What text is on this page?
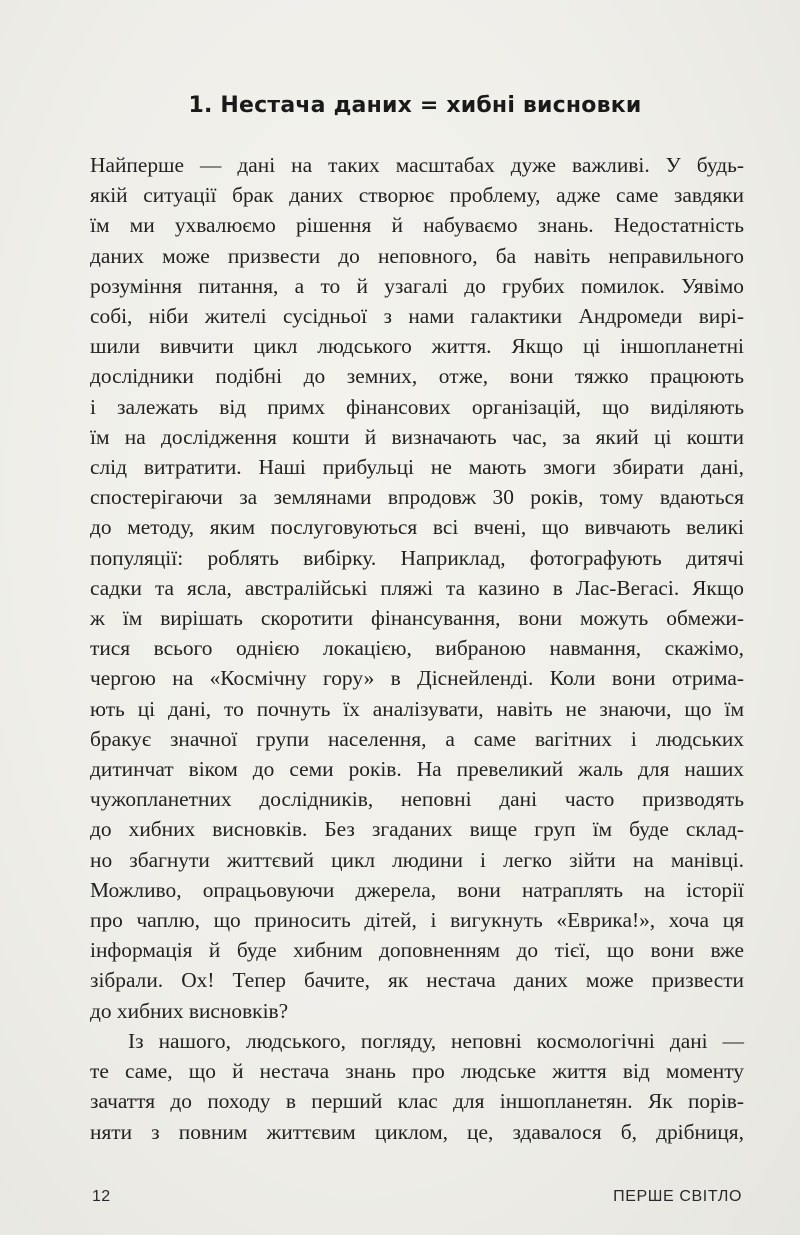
1. Нестача даних = хибні висновки

Найперше — дані на таких масштабах дуже важливі. У будь-
якій ситуації брак даних створює проблему, адже саме завдяки
їм ми ухвалюємо рішення й набуваємо знань. Недостатність
даних може призвести до неповного, ба навіть неправильного
розуміння питання, а то й узагалі до грубих помилок. Уявімо
собі, ніби жителі сусідньої з нами галактики Андромеди вирі-
шили вивчити цикл людського життя. Якщо ці іншопланетні
дослідники подібні до земних, отже, вони тяжко працюють
і залежать від примх фінансових організацій, що виділяють
їм на дослідження кошти й визначають час, за який ці кошти
слід витратити. Наші прибульці не мають змоги збирати дані,
спостерігаючи за землянами впродовж 30 років, тому вдаються
до методу, яким послуговуються всі вчені, що вивчають великі
популяції: роблять вибірку. Наприклад, фотографують дитячі
садки та ясла, австралійські пляжі та казино в Лас-Вегасі. Якщо
ж їм вирішать скоротити фінансування, вони можуть обмежи-
тися всього однією локацією, вибраною навмання, скажімо,
чергою на «Космічну гору» в Діснейленді. Коли вони отрима-
ють ці дані, то почнуть їх аналізувати, навіть не знаючи, що їм
бракує значної групи населення, а саме вагітних і людських
дитинчат віком до семи років. На превеликий жаль для наших
чужопланетних дослідників, неповні дані часто призводять
до хибних висновків. Без згаданих вище груп їм буде склад-
но збагнути життєвий цикл людини і легко зійти на манівці.
Можливо, опрацьовуючи джерела, вони натраплять на історії
про чаплю, що приносить дітей, і вигукнуть «Еврика!», хоча ця
інформація й буде хибним доповненням до тієї, що вони вже
зібрали. Ох! Тепер бачите, як нестача даних може призвести
до хибних висновків?

Із нашого, людського, погляду, неповні космологічні дані —
те саме, що й нестача знань про людське життя від моменту
зачаття до походу в перший клас для іншопланетян. Як порів-
няти з повним життєвим циклом, це, здавалося б, дрібниця,

12	ПЕРШЕ СВІТЛО
